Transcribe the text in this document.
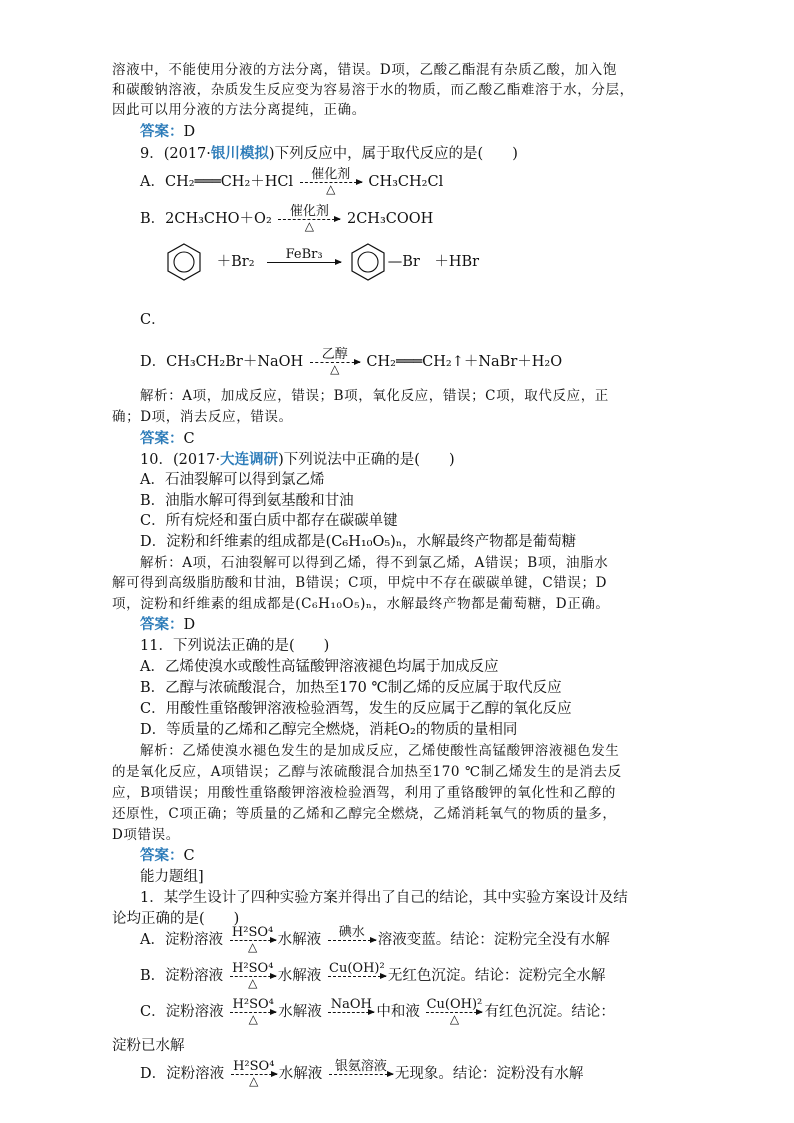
溶液中，不能使用分液的方法分离，错误。D项，乙酸乙酯混有杂质乙酸，加入饱
和碳酸钠溶液，杂质发生反应变为容易溶于水的物质，而乙酸乙酯难溶于水，分层，
因此可以用分液的方法分离提纯，正确。
答案：D
9．(2017·银川模拟)下列反应中，属于取代反应的是(　　)
A．CH₂═══CH₂＋HCl	催化剂
△	CH₃CH₂Cl
B．2CH₃CHO＋O₂	催化剂
△	2CH₃COOH
C．
＋Br₂	FeBr₃
	—Br　＋HBr
D．CH₃CH₂Br＋NaOH	乙醇
△	CH₂═══CH₂↑＋NaBr＋H₂O
解析：A项，加成反应，错误；B项，氧化反应，错误；C项，取代反应，正
确；D项，消去反应，错误。
答案：C
10．(2017·大连调研)下列说法中正确的是(　　)
A．石油裂解可以得到氯乙烯
B．油脂水解可得到氨基酸和甘油
C．所有烷烃和蛋白质中都存在碳碳单键
D．淀粉和纤维素的组成都是(C₆H₁₀O₅)ₙ，水解最终产物都是葡萄糖
解析：A项，石油裂解可以得到乙烯，得不到氯乙烯，A错误；B项，油脂水
解可得到高级脂肪酸和甘油，B错误；C项，甲烷中不存在碳碳单键，C错误；D
项，淀粉和纤维素的组成都是(C₆H₁₀O₅)ₙ，水解最终产物都是葡萄糖，D正确。
答案：D
11．下列说法正确的是(　　)
A．乙烯使溴水或酸性高锰酸钾溶液褪色均属于加成反应
B．乙醇与浓硫酸混合，加热至170 ℃制乙烯的反应属于取代反应
C．用酸性重铬酸钾溶液检验酒驾，发生的反应属于乙醇的氧化反应
D．等质量的乙烯和乙醇完全燃烧，消耗O₂的物质的量相同
解析：乙烯使溴水褪色发生的是加成反应，乙烯使酸性高锰酸钾溶液褪色发生
的是氧化反应，A项错误；乙醇与浓硫酸混合加热至170 ℃制乙烯发生的是消去反
应，B项错误；用酸性重铬酸钾溶液检验酒驾，利用了重铬酸钾的氧化性和乙醇的
还原性，C项正确；等质量的乙烯和乙醇完全燃烧，乙烯消耗氧气的物质的量多，
D项错误。
答案：C
能力题组]
1．某学生设计了四种实验方案并得出了自己的结论，其中实验方案设计及结
论均正确的是(　　)
A．淀粉溶液 H²SO⁴
△	水解液	碘水
溶液变蓝。结论：淀粉完全没有水解
B．淀粉溶液 H²SO⁴
△	水解液 Cu(OH)²
无红色沉淀。结论：淀粉完全水解
C．淀粉溶液 H²SO⁴
△	水解液 NaOH
中和液 Cu(OH)²
△	有红色沉淀。结论：
淀粉已水解
D．淀粉溶液 H²SO⁴
△	水解液 银氨溶液
无现象。结论：淀粉没有水解
